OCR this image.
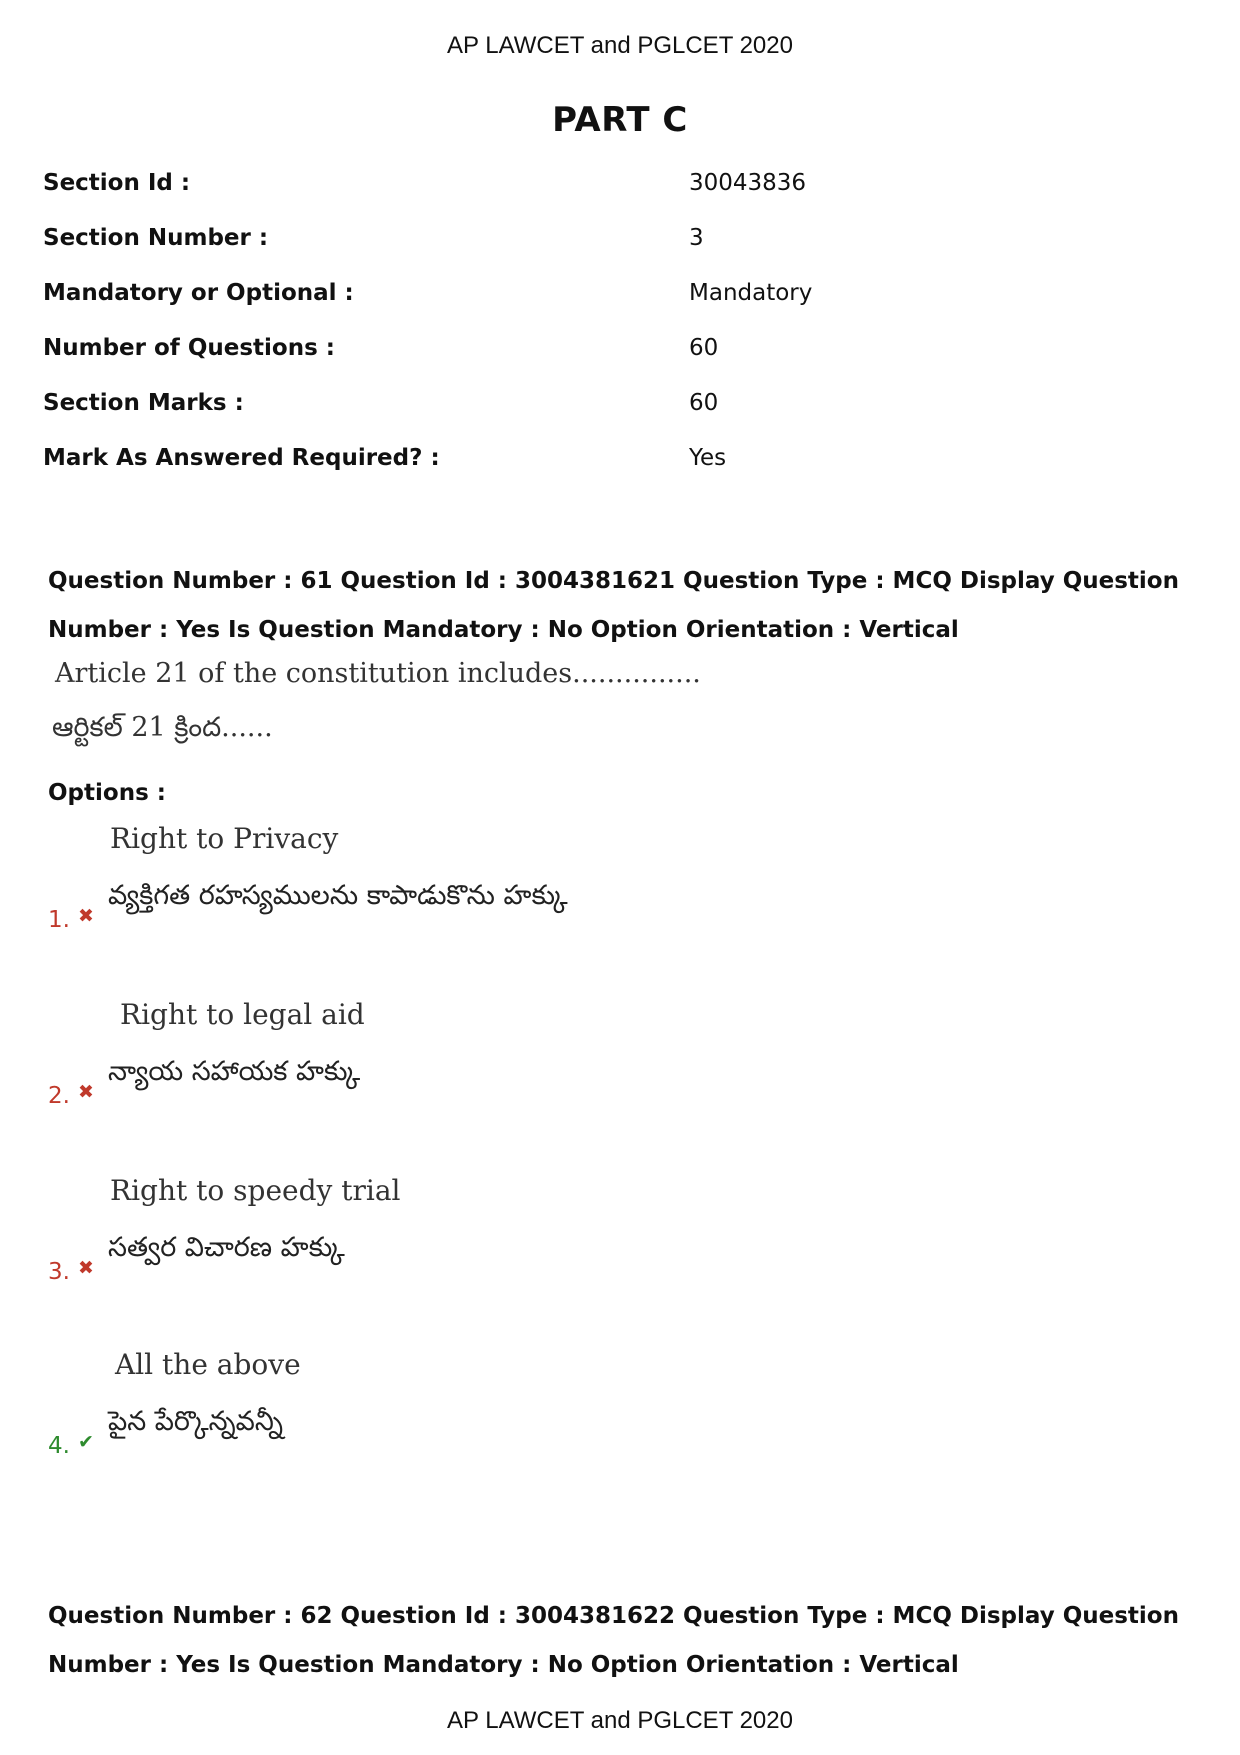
AP LAWCET and PGLCET 2020
PART C
Section Id :	30043836
Section Number :	3
Mandatory or Optional :	Mandatory
Number of Questions :	60
Section Marks :	60
Mark As Answered Required? :	Yes
Question Number : 61 Question Id : 3004381621 Question Type : MCQ Display Question
Number : Yes Is Question Mandatory : No Option Orientation : Vertical
Article 21 of the constitution includes...............
ఆర్టికల్ 21 క్రింద......
Options :
Right to Privacy
వ్యక్తిగత రహస్యములను కాపాడుకొను హక్కు
1. ✖
Right to legal aid
న్యాయ సహాయక హక్కు
2. ✖
Right to speedy trial
సత్వర విచారణ హక్కు
3. ✖
All the above
పైన పేర్కొన్నవన్నీ
4. ✔
Question Number : 62 Question Id : 3004381622 Question Type : MCQ Display Question
Number : Yes Is Question Mandatory : No Option Orientation : Vertical
AP LAWCET and PGLCET 2020
